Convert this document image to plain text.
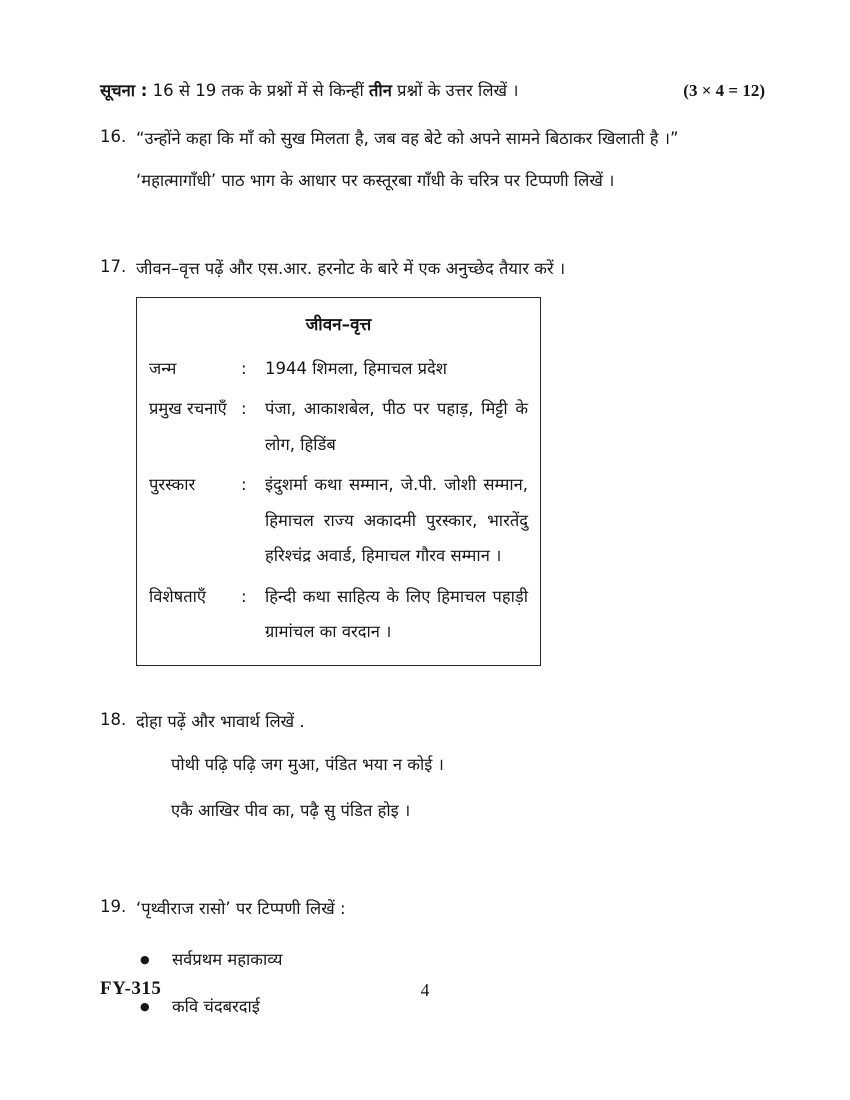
सूचना : 16 से 19 तक के प्रश्नों में से किन्हीं तीन प्रश्नों के उत्तर लिखें ।	(3 × 4 = 12)
16. “उन्होंने कहा कि माँ को सुख मिलता है, जब वह बेटे को अपने सामने बिठाकर खिलाती है ।”

‘महात्मागाँधी’ पाठ भाग के आधार पर कस्तूरबा गाँधी के चरित्र पर टिप्पणी लिखें ।

17. जीवन–वृत्त पढ़ें और एस.आर. हरनोट के बारे में एक अनुच्छेद तैयार करें ।

जीवन–वृत्त
जन्म	:	1944 शिमला, हिमाचल प्रदेश
प्रमुख रचनाएँ :	पंजा, आकाशबेल, पीठ पर पहाड़, मिट्टी के लोग, हिडिंब
पुरस्कार	:	इंदुशर्मा कथा सम्मान, जे.पी. जोशी सम्मान, हिमाचल राज्य अकादमी पुरस्कार, भारतेंदु हरिश्चंद्र अवार्ड, हिमाचल गौरव सम्मान ।
विशेषताएँ	:	हिन्दी कथा साहित्य के लिए हिमाचल पहाड़ी ग्रामांचल का वरदान ।
18. दोहा पढ़ें और भावार्थ लिखें .

पोथी पढ़ि पढ़ि जग मुआ, पंडित भया न कोई ।

एकै आखिर पीव का, पढ़ै सु पंडित होइ ।

19. ‘पृथ्वीराज रासो’ पर टिप्पणी लिखें :

●	सर्वप्रथम महाकाव्य
●	कवि चंदबरदाई
FY-315	4
